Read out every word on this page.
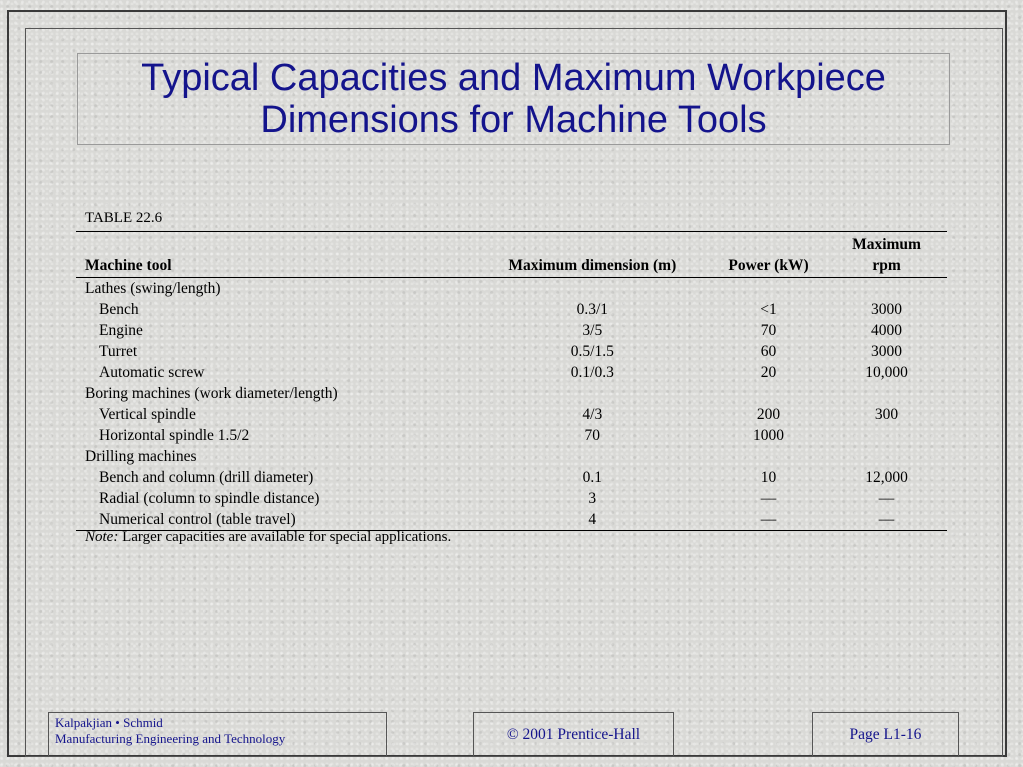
Typical Capacities and Maximum Workpiece
Dimensions for Machine Tools
TABLE 22.6
Machine tool	Maximum dimension (m)	Power (kW)	Maximum
rpm
Lathes (swing/length)			
Bench	0.3/1	<1	3000
Engine	3/5	70	4000
Turret	0.5/1.5	60	3000
Automatic screw	0.1/0.3	20	10,000
Boring machines (work diameter/length)			
Vertical spindle	4/3	200	300
Horizontal spindle 1.5/2	70	1000	
Drilling machines			
Bench and column (drill diameter)	0.1	10	12,000
Radial (column to spindle distance)	3	—	—
Numerical control (table travel)	4	—	—
Note: Larger capacities are available for special applications.
Kalpakjian • Schmid
Manufacturing Engineering and Technology	© 2001 Prentice-Hall	Page L1-16
